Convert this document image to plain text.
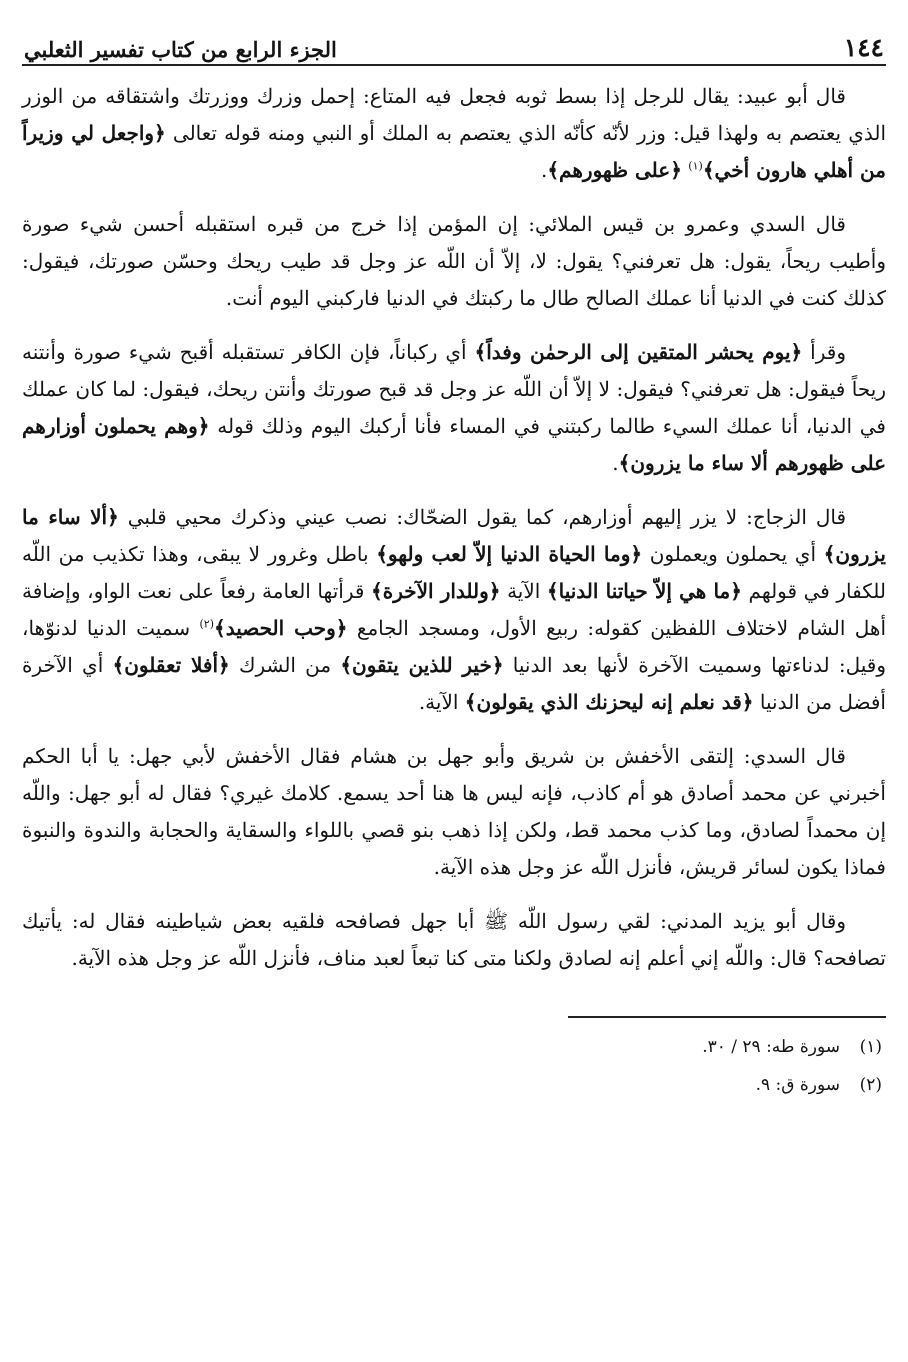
١٤٤
الجزء الرابع من كتاب تفسير الثعلبي

قال أبو عبيد: يقال للرجل إذا بسط ثوبه فجعل فيه المتاع: إحمل وزرك ووزرتك واشتقاقه من الوزر الذي يعتصم به ولهذا قيل: وزر لأنّه كأنّه الذي يعتصم به الملك أو النبي ومنه قوله تعالى ﴿واجعل لي وزيراً من أهلي هارون أخي﴾$^{(١)}$ ﴿على ظهورهم﴾.

قال السدي وعمرو بن قيس الملائي: إن المؤمن إذا خرج من قبره استقبله أحسن شيء صورة وأطيب ريحاً، يقول: هل تعرفني؟ يقول: لا، إلاّ أن اللّه عز وجل قد طيب ريحك وحسّن صورتك، فيقول: كذلك كنت في الدنيا أنا عملك الصالح طال ما ركبتك في الدنيا فاركبني اليوم أنت.

وقرأ ﴿يوم يحشر المتقين إلى الرحمٰن وفداً﴾ أي ركباناً، فإن الكافر تستقبله أقبح شيء صورة وأنتنه ريحاً فيقول: هل تعرفني؟ فيقول: لا إلاّ أن اللّه عز وجل قد قبح صورتك وأنتن ريحك، فيقول: لما كان عملك في الدنيا، أنا عملك السيء طالما ركبتني في المساء فأنا أركبك اليوم وذلك قوله ﴿وهم يحملون أوزارهم على ظهورهم ألا ساء ما يزرون﴾.

قال الزجاج: لا يزر إليهم أوزارهم، كما يقول الضحّاك: نصب عيني وذكرك محيي قلبي ﴿ألا ساء ما يزرون﴾ أي يحملون ويعملون ﴿وما الحياة الدنيا إلاّ لعب ولهو﴾ باطل وغرور لا يبقى، وهذا تكذيب من اللّه للكفار في قولهم ﴿ما هي إلاّ حياتنا الدنيا﴾ الآية ﴿وللدار الآخرة﴾ قرأتها العامة رفعاً على نعت الواو، وإضافة أهل الشام لاختلاف اللفظين كقوله: ربيع الأول، ومسجد الجامع ﴿وحب الحصيد﴾$^{(٢)}$ سميت الدنيا لدنوّها، وقيل: لدناءتها وسميت الآخرة لأنها بعد الدنيا ﴿خير للذين يتقون﴾ من الشرك ﴿أفلا تعقلون﴾ أي الآخرة أفضل من الدنيا ﴿قد نعلم إنه ليحزنك الذي يقولون﴾ الآية.

قال السدي: إلتقى الأخفش بن شريق وأبو جهل بن هشام فقال الأخفش لأبي جهل: يا أبا الحكم أخبرني عن محمد أصادق هو أم كاذب، فإنه ليس ها هنا أحد يسمع. كلامك غيري؟ فقال له أبو جهل: واللّه إن محمداً لصادق، وما كذب محمد قط، ولكن إذا ذهب بنو قصي باللواء والسقاية والحجابة والندوة والنبوة فماذا يكون لسائر قريش، فأنزل اللّه عز وجل هذه الآية.

وقال أبو يزيد المدني: لقي رسول اللّه ﷺ أبا جهل فصافحه فلقيه بعض شياطينه فقال له: يأتيك تصافحه؟ قال: واللّه إني أعلم إنه لصادق ولكنا متى كنا تبعاً لعبد مناف، فأنزل اللّه عز وجل هذه الآية.

(١)
سورة طه: ٢٩ / ٣٠.
(٢)
سورة ق: ٩.
